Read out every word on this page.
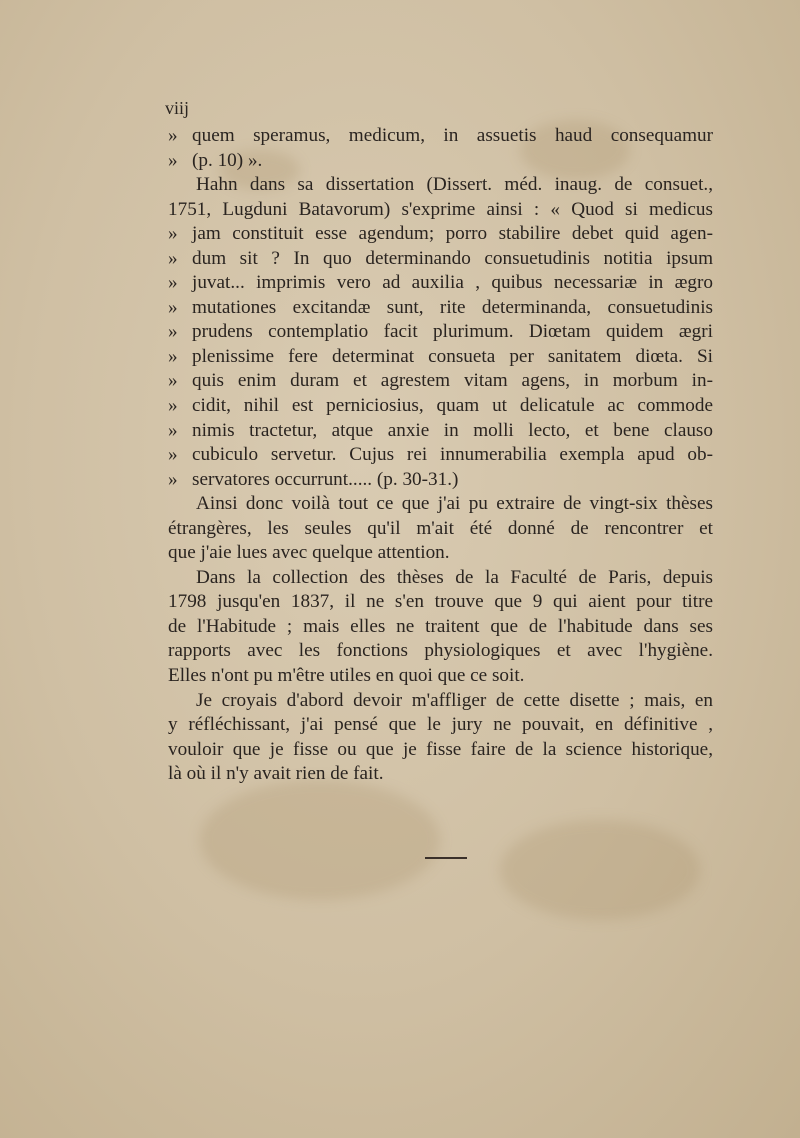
viij
» quem speramus, medicum, in assuetis haud consequamur
» (p. 10) ».
Hahn dans sa dissertation (Dissert. méd. inaug. de consuet.,
1751, Lugduni Batavorum) s'exprime ainsi : « Quod si medicus
» jam constituit esse agendum; porro stabilire debet quid agen-
» dum sit ? In quo determinando consuetudinis notitia ipsum
» juvat... imprimis vero ad auxilia , quibus necessariæ in ægro
» mutationes excitandæ sunt, rite determinanda, consuetudinis
» prudens contemplatio facit plurimum. Diœtam quidem ægri
» plenissime fere determinat consueta per sanitatem diœta. Si
» quis enim duram et agrestem vitam agens, in morbum in-
» cidit, nihil est perniciosius, quam ut delicatule ac commode
» nimis tractetur, atque anxie in molli lecto, et bene clauso
» cubiculo servetur. Cujus rei innumerabilia exempla apud ob-
» servatores occurrunt..... (p. 30-31.)
Ainsi donc voilà tout ce que j'ai pu extraire de vingt-six thèses
étrangères, les seules qu'il m'ait été donné de rencontrer et
que j'aie lues avec quelque attention.
Dans la collection des thèses de la Faculté de Paris, depuis
1798 jusqu'en 1837, il ne s'en trouve que 9 qui aient pour titre
de l'Habitude ; mais elles ne traitent que de l'habitude dans ses
rapports avec les fonctions physiologiques et avec l'hygiène.
Elles n'ont pu m'être utiles en quoi que ce soit.
Je croyais d'abord devoir m'affliger de cette disette ; mais, en
y réfléchissant, j'ai pensé que le jury ne pouvait, en définitive ,
vouloir que je fisse ou que je fisse faire de la science historique,
là où il n'y avait rien de fait.
